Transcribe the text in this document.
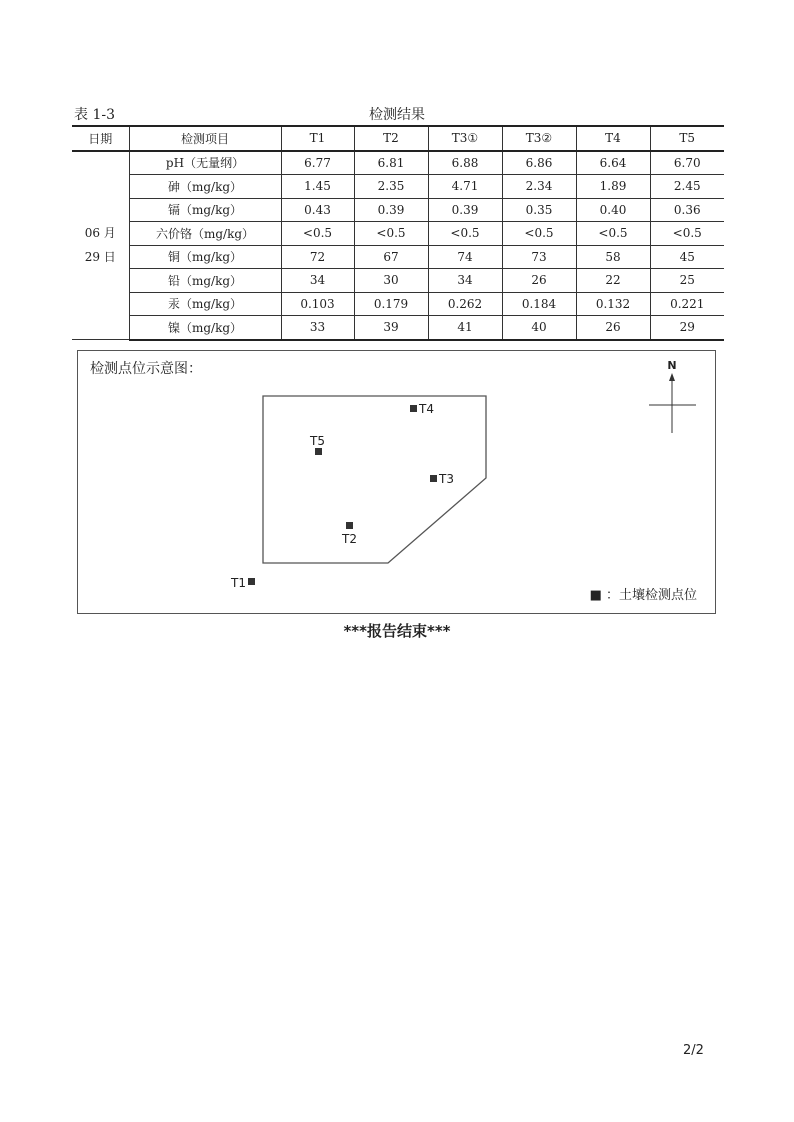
表 1-3	检测结果
日期	检测项目	T1	T2	T3①	T3②	T4	T5

06 月
29 日	pH（无量纲）	6.77	6.81	6.88	6.86	6.64	6.70
	砷（mg/kg）	1.45	2.35	4.71	2.34	1.89	2.45
	镉（mg/kg）	0.43	0.39	0.39	0.35	0.40	0.36
	六价铬（mg/kg）	<0.5	<0.5	<0.5	<0.5	<0.5	<0.5
	铜（mg/kg）	72	67	74	73	58	45
	铅（mg/kg）	34	30	34	26	22	25
	汞（mg/kg）	0.103	0.179	0.262	0.184	0.132	0.221
	镍（mg/kg）	33	39	41	40	26	29
检测点位示意图：	N
T4
T5
T3
T2
T1
■ ：土壤检测点位
***报告结束***
2/2
